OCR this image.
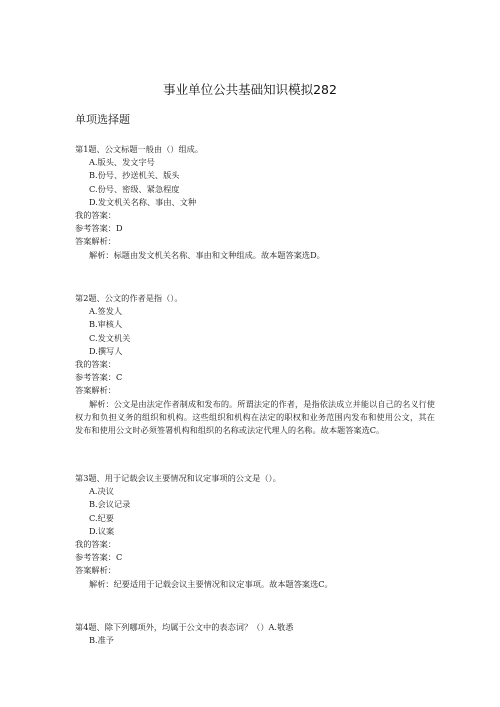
事业单位公共基础知识模拟282
单项选择题
第1题、公文标题一般由（）组成。
A.版头、发文字号
B.份号、抄送机关、版头
C.份号、密级、紧急程度
D.发文机关名称、事由、文种
我的答案：
参考答案：D
答案解析：
解析：标题由发文机关名称、事由和文种组成。故本题答案选D。
第2题、公文的作者是指（）。
A.签发人
B.审核人
C.发文机关
D.撰写人
我的答案：
参考答案：C
答案解析：
解析：公文是由法定作者制成和发布的。所谓法定的作者，是指依法成立并能以自己的名义行使权力和负担义务的组织和机构。这些组织和机构在法定的职权和业务范围内发布和使用公文，其在发布和使用公文时必须签署机构和组织的名称或法定代理人的名称。故本题答案选C。
第3题、用于记载会议主要情况和议定事项的公文是（）。
A.决议
B.会议记录
C.纪要
D.议案
我的答案：
参考答案：C
答案解析：
解析：纪要适用于记载会议主要情况和议定事项。故本题答案选C。
第4题、除下列哪项外，均属于公文中的表态词？（）A.敬悉
B.准予
